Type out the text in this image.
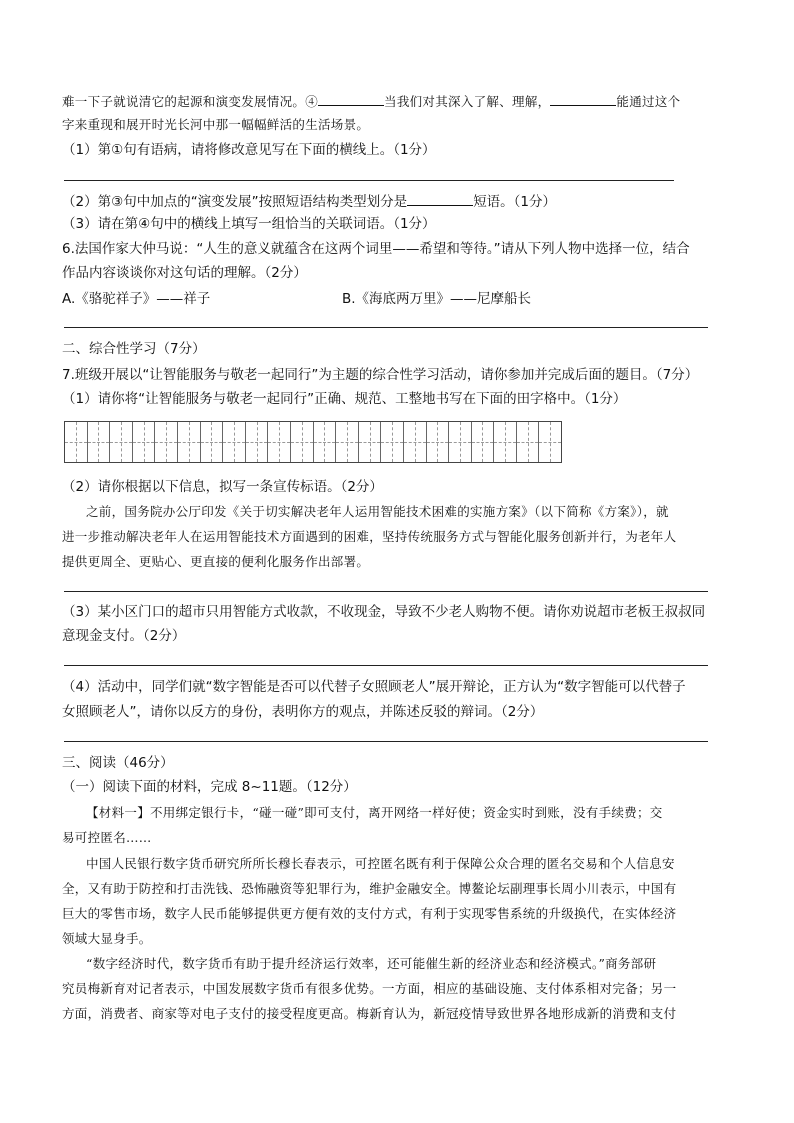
难一下子就说清它的起源和演变发展情况。④	当我们对其深入了解、理解，	能通过这个
字来重现和展开时光长河中那一幅幅鲜活的生活场景。
（1）第①句有语病，请将修改意见写在下面的横线上。（1分）
（2）第③句中加点的“演变发展”按照短语结构类型划分是	短语。（1分）
（3）请在第④句中的横线上填写一组恰当的关联词语。（1分）
6.法国作家大仲马说：“人生的意义就蕴含在这两个词里——希望和等待。”请从下列人物中选择一位，结合
作品内容谈谈你对这句话的理解。（2分）
A.《骆驼祥子》——祥子	B.《海底两万里》——尼摩船长
二、综合性学习（7分）
7.班级开展以“让智能服务与敬老一起同行”为主题的综合性学习活动，请你参加并完成后面的题目。（7分）
（1）请你将“让智能服务与敬老一起同行”正确、规范、工整地书写在下面的田字格中。（1分）
（2）请你根据以下信息，拟写一条宣传标语。（2分）
之前，国务院办公厅印发《关于切实解决老年人运用智能技术困难的实施方案》（以下简称《方案》），就
进一步推动解决老年人在运用智能技术方面遇到的困难，坚持传统服务方式与智能化服务创新并行，为老年人
提供更周全、更贴心、更直接的便利化服务作出部署。
（3）某小区门口的超市只用智能方式收款，不收现金，导致不少老人购物不便。请你劝说超市老板王叔叔同
意现金支付。（2分）
（4）活动中，同学们就“数字智能是否可以代替子女照顾老人”展开辩论，正方认为“数字智能可以代替子
女照顾老人”，请你以反方的身份，表明你方的观点，并陈述反驳的辩词。（2分）
三、阅读（46分）
（一）阅读下面的材料，完成 8~11题。（12分）
【材料一】不用绑定银行卡，“碰一碰”即可支付，离开网络一样好使；资金实时到账，没有手续费；交
易可控匿名……
中国人民银行数字货币研究所所长穆长春表示，可控匿名既有利于保障公众合理的匿名交易和个人信息安
全，又有助于防控和打击洗钱、恐怖融资等犯罪行为，维护金融安全。博鳌论坛副理事长周小川表示，中国有
巨大的零售市场，数字人民币能够提供更方便有效的支付方式，有利于实现零售系统的升级换代，在实体经济
领域大显身手。
“数字经济时代，数字货币有助于提升经济运行效率，还可能催生新的经济业态和经济模式。”商务部研
究员梅新育对记者表示，中国发展数字货币有很多优势。一方面，相应的基础设施、支付体系相对完备；另一
方面，消费者、商家等对电子支付的接受程度更高。梅新育认为，新冠疫情导致世界各地形成新的消费和支付
